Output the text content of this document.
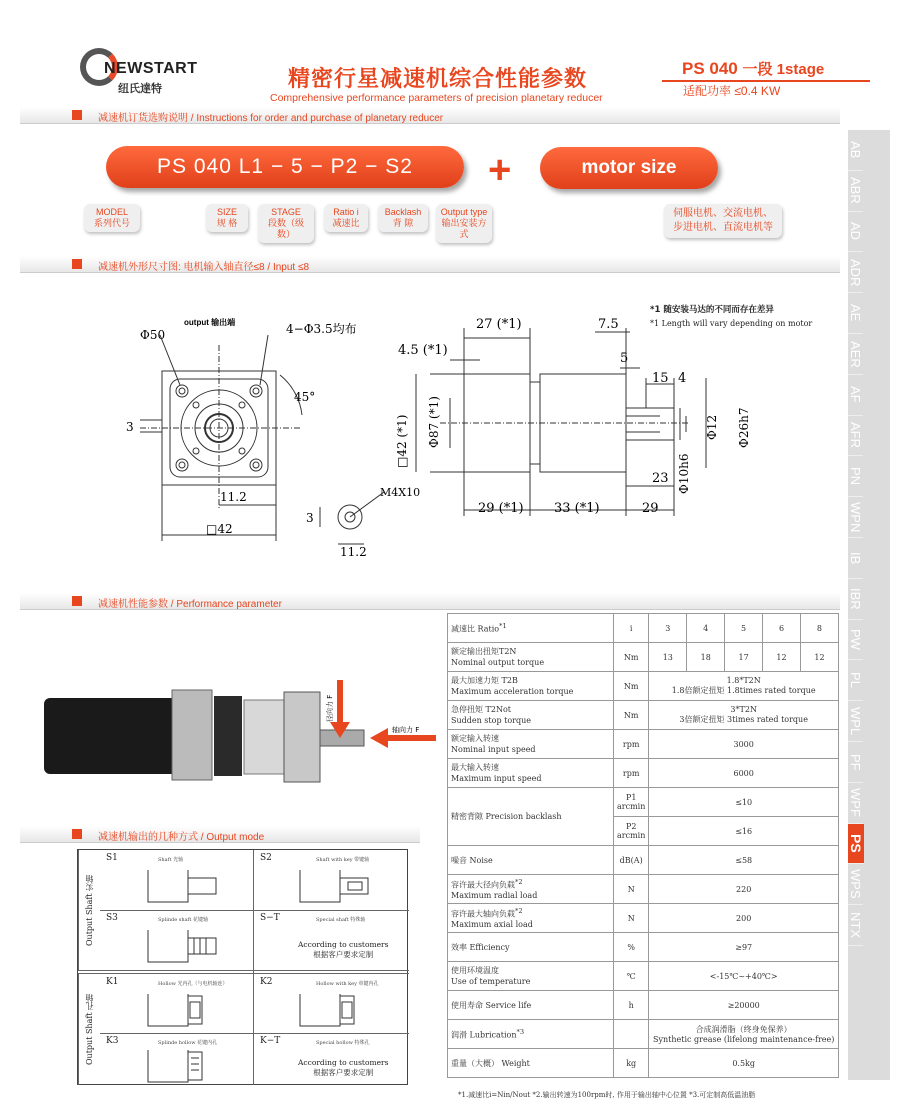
NEWSTART
纽氏達特	精密行星减速机综合性能参数
Comprehensive performance parameters of precision planetary reducer
PS 040 一段 1stage
适配功率 ≤0.4 KW
减速机订货选购说明 / Instructions for order and purchase of planetary reducer
PS 040 L1 − 5 − P2 − S2	+	motor size
MODEL
系列代号
SIZE
规 格
STAGE
段数（级数）
Ratio i
减速比
Backlash
背 隙
Output type
输出安装方式
伺服电机、交流电机、
步进电机、直流电机等
减速机外形尺寸图: 电机输入轴直径≤8 / Input ≤8
output 输出端
Φ50	4−Φ3.5均布
45°
3
11.2
□42
M4X10
3
11.2
27 (*1)	7.5
4.5 (*1)
5
15 4
Φ87 (*1)
□42 (*1)	Φ12 Φ26h7
Φ10h6
23
29 (*1) 33 (*1)	29
*1 随安装马达的不同而存在差异
*1 Length will vary depending on motor
减速机性能参数 / Performance parameter
径向力 F
轴向力 F
减速比 Ratio$^{*1}$	i	3	4	5	6	8
额定输出扭矩T2N
Nominal output torque	Nm	13	18	17	12	12
最大加速力矩 T2B
Maximum acceleration torque	Nm	1.8*T2N
1.8倍额定扭矩 1.8times rated torque				
急停扭矩 T2Not
Sudden stop torque	Nm	3*T2N
3倍额定扭矩 3times rated torque				
额定输入转速
Nominal input speed	rpm	3000				
最大输入转速
Maximum input speed	rpm	6000				
精密背隙 Precision backlash	P1
arcmin	≤10				
	P2
arcmin	≤16				
噪音 Noise	dB(A)	≤58				
容许最大径向负载$^{*2}$
Maximum radial load	N	220				
容许最大轴向负载$^{*2}$
Maximum axial load	N	200				
效率 Efficiency	%	≥97				
使用环境温度
Use of temperature	℃	<-15℃~+40℃>				
使用寿命 Service life	h	≥20000				
润滑 Lubrication$^{*3}$		合成润滑脂（终身免保养）
Synthetic grease (lifelong maintenance-free)				
重量（大概） Weight	kg	0.5kg				
*1.减速比i=Nin/Nout *2.输出转速为100rpm时, 作用于输出轴中心位置 *3.可定制高低温油脂
减速机输出的几种方式 / Output mode
Output Shaft 实轴
Output Shaft 孔轴
S1	Shaft 光轴	S2	Shaft with key 带键轴
S3	Splinde shaft 花键轴	S−T	Special shaft 特殊轴
K1	Hollow 光内孔（与电机轴连）	K2	Hollow with key 单键内孔
K3	Splinde hollow 花键内孔	K−T	Special hollow 特殊孔
According to customers
根据客户要求定制
According to customers
根据客户要求定制
AB
ABR
AD
ADR
AE
AER
AF
AFR
PN
WPN
IB
IBR
PW
PL
WPL
PF
WPF
PS
WPS
NTX
